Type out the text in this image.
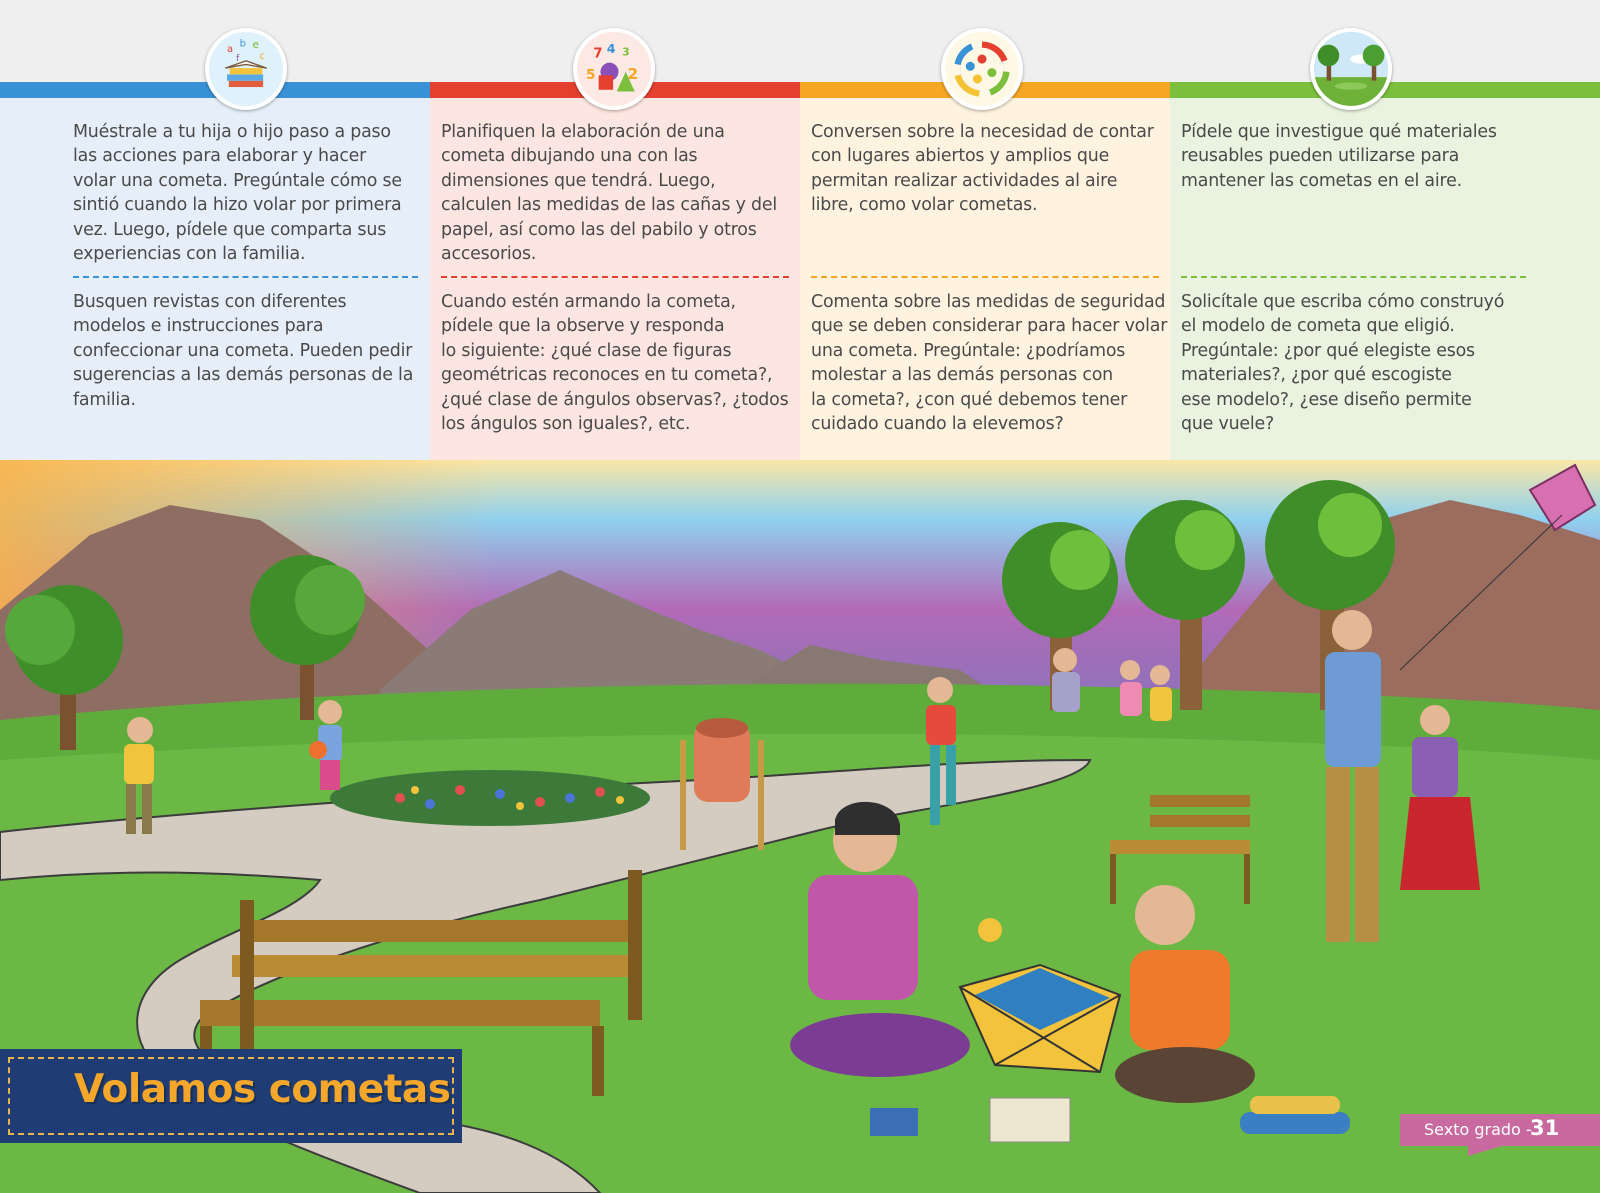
Muéstrale a tu hija o hijo paso a paso
las acciones para elaborar y hacer
volar una cometa. Pregúntale cómo se
sintió cuando la hizo volar por primera
vez. Luego, pídele que comparta sus
experiencias con la familia.
Busquen revistas con diferentes
modelos e instrucciones para
confeccionar una cometa. Pueden pedir
sugerencias a las demás personas de la
familia.
Planifiquen la elaboración de una
cometa dibujando una con las
dimensiones que tendrá. Luego,
calculen las medidas de las cañas y del
papel, así como las del pabilo y otros
accesorios.
Cuando estén armando la cometa,
pídele que la observe y responda
lo siguiente: ¿qué clase de figuras
geométricas reconoces en tu cometa?,
¿qué clase de ángulos observas?, ¿todos
los ángulos son iguales?, etc.
Conversen sobre la necesidad de contar
con lugares abiertos y amplios que
permitan realizar actividades al aire
libre, como volar cometas.
Comenta sobre las medidas de seguridad
que se deben considerar para hacer volar
una cometa. Pregúntale: ¿podríamos
molestar a las demás personas con
la cometa?, ¿con qué debemos tener
cuidado cuando la elevemos?
Pídele que investigue qué materiales
reusables pueden utilizarse para
mantener las cometas en el aire.
Solicítale que escriba cómo construyó
el modelo de cometa que eligió.
Pregúntale: ¿por qué elegiste esos
materiales?, ¿por qué escogiste
ese modelo?, ¿ese diseño permite
que vuele?
a b e
c
f	7 4 3
5 2
Volamos cometas
Sexto grado -
31
